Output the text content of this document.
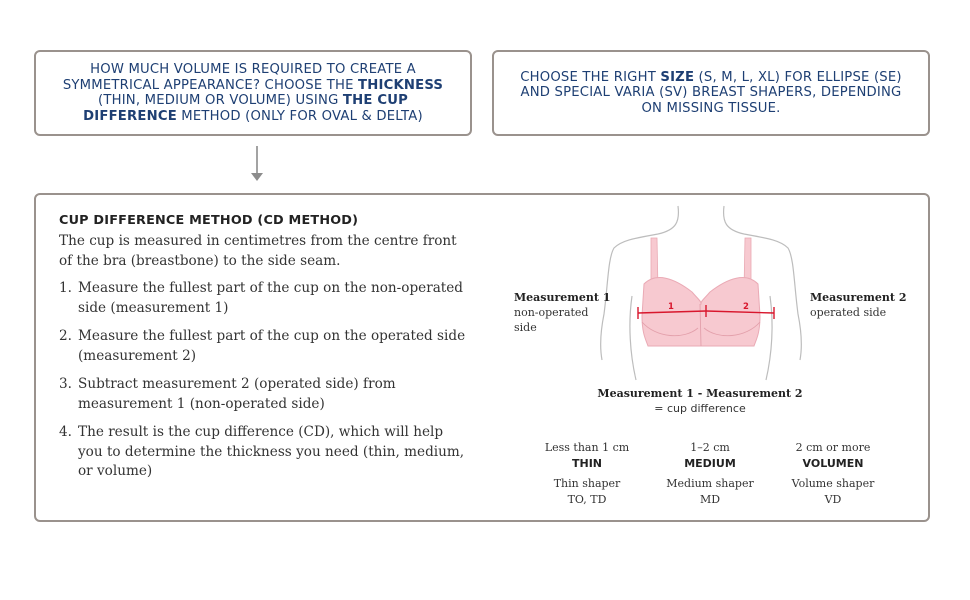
HOW MUCH VOLUME IS REQUIRED TO CREATE A SYMMETRICAL APPEARANCE? CHOOSE THE THICKNESS (THIN, MEDIUM OR VOLUME) USING THE CUP DIFFERENCE METHOD (ONLY FOR OVAL & DELTA)
CHOOSE THE RIGHT SIZE (S, M, L, XL) FOR ELLIPSE (SE) AND SPECIAL VARIA (SV) BREAST SHAPERS, DEPENDING ON MISSING TISSUE.
CUP DIFFERENCE METHOD (CD METHOD)
The cup is measured in centimetres from the centre front of the bra (breastbone) to the side seam.
1. Measure the fullest part of the cup on the non-operated side (measurement 1)
2. Measure the fullest part of the cup on the operated side (measurement 2)
3. Subtract measurement 2 (operated side) from measurement 1 (non-operated side)
4. The result is the cup difference (CD), which will help you to determine the thickness you need (thin, medium, or volume)
1	2
Measurement 1
non-operated
side
Measurement 2
operated side
Measurement 1 - Measurement 2
= cup difference
Less than 1 cm
THIN
Thin shaper
TO, TD
1–2 cm
MEDIUM
Medium shaper
MD
2 cm or more
VOLUMEN
Volume shaper
VD
